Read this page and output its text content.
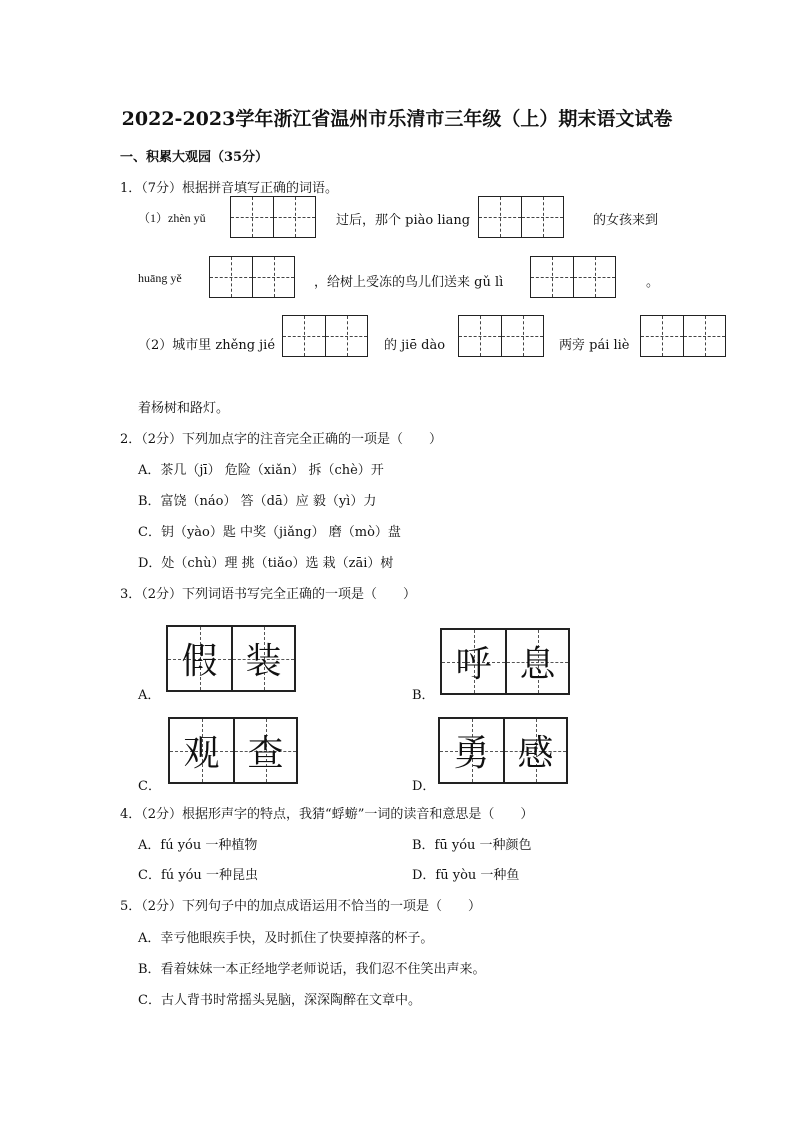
2022-2023学年浙江省温州市乐清市三年级（上）期末语文试卷
一、积累大观园（35分）
1．（7分）根据拼音填写正确的词语。
（1）zhèn yǔ	过后，那个 piào liang	的女孩来到
huāng yě	，给树上受冻的鸟儿们送来 gǔ lì	。
（2）城市里 zhěng jié	的 jiē dào	两旁 pái liè
着杨树和路灯。
2．（2分）下列加点字的注音完全正确的一项是（　　）
A．茶几（jī） 危险（xiǎn） 拆（chè）开
B．富饶（náo） 答（dā）应 毅（yì）力
C．钥（yào）匙 中奖（jiǎng） 磨（mò）盘
D．处（chù）理 挑（tiǎo）选 栽（zāi）树
3．（2分）下列词语书写完全正确的一项是（　　）
A．
假 装
B．
呼 息
C．
观 查
D．
勇 感
4．（2分）根据形声字的特点，我猜“蜉蝣”一词的读音和意思是（　　）
A．fú yóu 一种植物	B．fū yóu 一种颜色
C．fú yóu 一种昆虫	D．fū yòu 一种鱼
5．（2分）下列句子中的加点成语运用不恰当的一项是（　　）
A．幸亏他眼疾手快，及时抓住了快要掉落的杯子。
B．看着妹妹一本正经地学老师说话，我们忍不住笑出声来。
C．古人背书时常摇头晃脑，深深陶醉在文章中。
